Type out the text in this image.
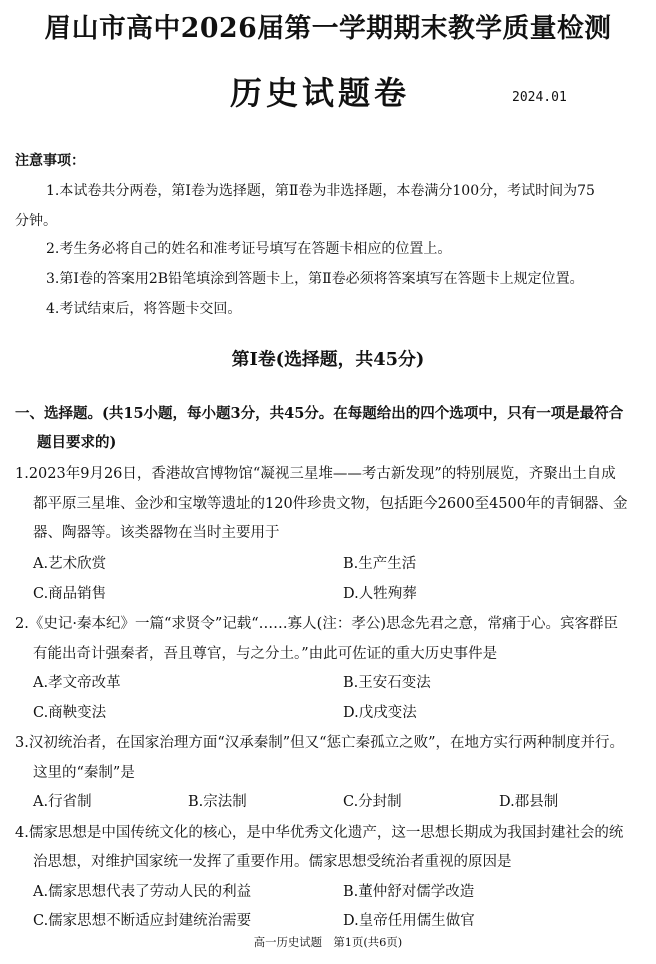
眉山市高中2026届第一学期期末教学质量检测
历史试题卷	2024.01
注意事项：
1.本试卷共分两卷，第Ⅰ卷为选择题，第Ⅱ卷为非选择题，本卷满分100分，考试时间为75
分钟。
2.考生务必将自己的姓名和准考证号填写在答题卡相应的位置上。
3.第Ⅰ卷的答案用2B铅笔填涂到答题卡上，第Ⅱ卷必须将答案填写在答题卡上规定位置。
4.考试结束后，将答题卡交回。
第Ⅰ卷(选择题，共45分)
一、选择题。(共15小题，每小题3分，共45分。在每题给出的四个选项中，只有一项是最符合
题目要求的)
1.2023年9月26日，香港故宫博物馆“凝视三星堆——考古新发现”的特别展览，齐聚出土自成
都平原三星堆、金沙和宝墩等遗址的120件珍贵文物，包括距今2600至4500年的青铜器、金
器、陶器等。该类器物在当时主要用于
A.艺术欣赏	B.生产生活
C.商品销售	D.人牲殉葬
2.《史记·秦本纪》一篇“求贤令”记载“……寡人(注：孝公)思念先君之意，常痛于心。宾客群臣
有能出奇计强秦者，吾且尊官，与之分土。”由此可佐证的重大历史事件是
A.孝文帝改革	B.王安石变法
C.商鞅变法	D.戊戌变法
3.汉初统治者，在国家治理方面“汉承秦制”但又“惩亡秦孤立之败”，在地方实行两种制度并行。
这里的“秦制”是
A.行省制	B.宗法制	C.分封制	D.郡县制
4.儒家思想是中国传统文化的核心，是中华优秀文化遗产，这一思想长期成为我国封建社会的统
治思想，对维护国家统一发挥了重要作用。儒家思想受统治者重视的原因是
A.儒家思想代表了劳动人民的利益	B.董仲舒对儒学改造
C.儒家思想不断适应封建统治需要	D.皇帝任用儒生做官
高一历史试题　第1页(共6页)
